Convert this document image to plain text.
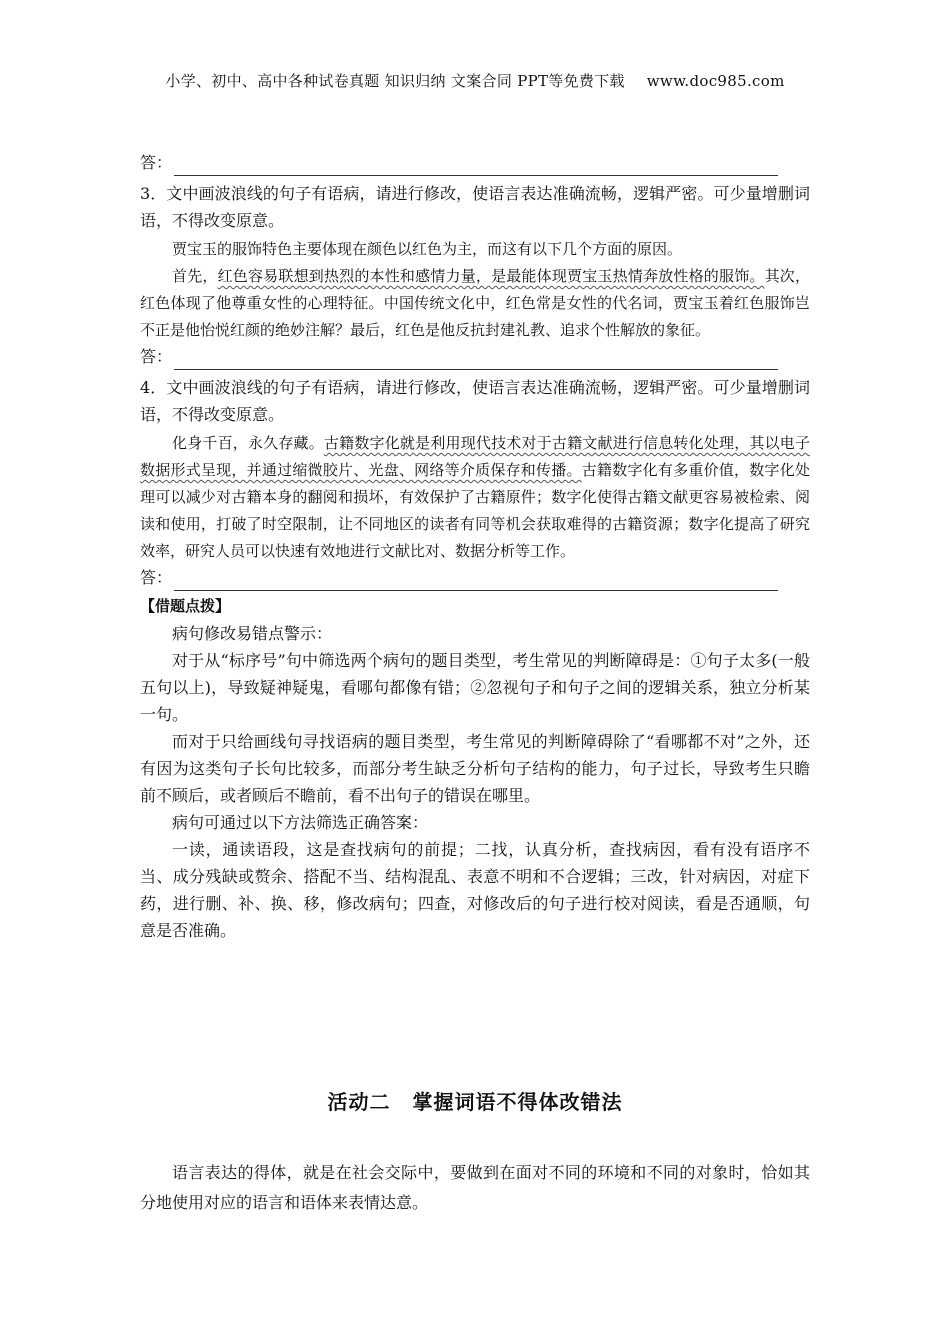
小学、初中、高中各种试卷真题 知识归纳 文案合同 PPT等免费下载 www.doc985.com
答：

3．文中画波浪线的句子有语病，请进行修改，使语言表达准确流畅，逻辑严密。可少量增删词语，不得改变原意。

贾宝玉的服饰特色主要体现在颜色以红色为主，而这有以下几个方面的原因。

首先，红色容易联想到热烈的本性和感情力量，是最能体现贾宝玉热情奔放性格的服饰。其次，红色体现了他尊重女性的心理特征。中国传统文化中，红色常是女性的代名词，贾宝玉着红色服饰岂不正是他怡悦红颜的绝妙注解？最后，红色是他反抗封建礼教、追求个性解放的象征。

答：

4．文中画波浪线的句子有语病，请进行修改，使语言表达准确流畅，逻辑严密。可少量增删词语，不得改变原意。

化身千百，永久存藏。古籍数字化就是利用现代技术对于古籍文献进行信息转化处理，其以电子数据形式呈现，并通过缩微胶片、光盘、网络等介质保存和传播。古籍数字化有多重价值，数字化处理可以减少对古籍本身的翻阅和损坏，有效保护了古籍原件；数字化使得古籍文献更容易被检索、阅读和使用，打破了时空限制，让不同地区的读者有同等机会获取难得的古籍资源；数字化提高了研究效率，研究人员可以快速有效地进行文献比对、数据分析等工作。

答：
【借题点拨】

病句修改易错点警示：

对于从“标序号”句中筛选两个病句的题目类型，考生常见的判断障碍是：①句子太多(一般五句以上)，导致疑神疑鬼，看哪句都像有错；②忽视句子和句子之间的逻辑关系，独立分析某一句。

而对于只给画线句寻找语病的题目类型，考生常见的判断障碍除了“看哪都不对”之外，还有因为这类句子长句比较多，而部分考生缺乏分析句子结构的能力，句子过长，导致考生只瞻前不顾后，或者顾后不瞻前，看不出句子的错误在哪里。

病句可通过以下方法筛选正确答案：

一读，通读语段，这是查找病句的前提；二找，认真分析，查找病因，看有没有语序不当、成分残缺或赘余、搭配不当、结构混乱、表意不明和不合逻辑；三改，针对病因，对症下药，进行删、补、换、移，修改病句；四查，对修改后的句子进行校对阅读，看是否通顺，句意是否准确。

活动二 掌握词语不得体改错法

语言表达的得体，就是在社会交际中，要做到在面对不同的环境和不同的对象时，恰如其分地使用对应的语言和语体来表情达意。
